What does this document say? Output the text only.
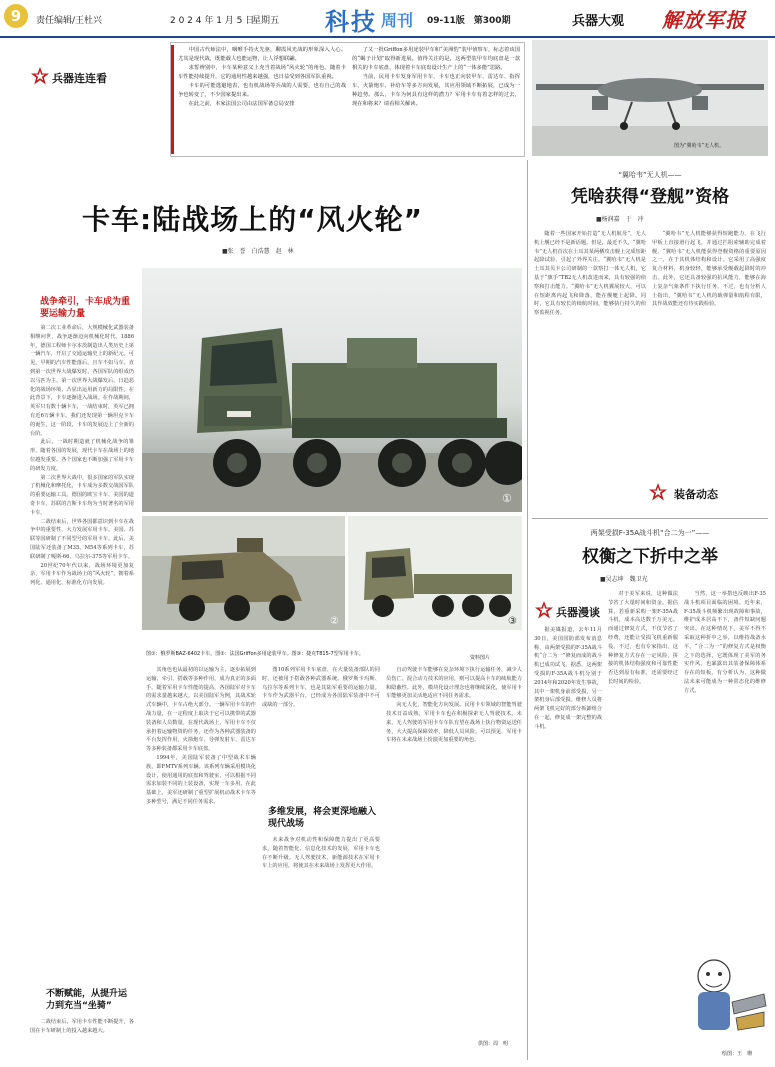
9	责任编辑/王杜兴	2 0 2 4 年 1 月 5 日
星期五 科技 周刊 09-11版　第300期	兵器大观 解放军报
兵器连连看

中国古代师法中，咽喉手持火先驱，聊霞风光战的形象深入人心。尤其是现代战，既能载人也能运物，让人浮想联翩。

求誓辨别中，卡车某种意义上充当着战场“风火轮”的角色。随着卡车性能持续提升，它的通用性越来越强，也日益受到各国军队重视。

卡车的可能逃避地表，也有机战场等兵战的人需要，也有自己的战争也转变了，不少国家提出来。

在此之前，本家法国公司由法国军备总局安排

了又一批Griffon多用途装甲车和“美洲豹”装甲侦察车，标志着该国的“蝎子计划”取得新进展。值得关注的是，这两型装甲车均底盘是一款相关的卡车底盘，体现着卡车底盘设计生产上的“一体多能”思路。

当前，民用卡车发身军用卡车，卡车也正向装甲车、雷达车、指挥车、火箭炮车、补给车等多方向发展，其应用领域不断拓展，已成为一种趋势。那么，卡车为何具有这样的潜力？军用卡车有着怎样的过去，现在和将来？请看相关解读。

卡车:陆战场上的“风火轮”
■张　誉　白浩慧　赵　林
战争牵引，卡车成为重要运输力量

第二次工业革命后，大规模械化武器装备相继问世，战争逐渐迈向机械化时代。1886年，德国工程师卡尔本茨制造出人类历史上第一辆汽车，开启了交通运输史上的新纪元。可见，早期的汽车性能落后，且车不如马车。直到第一次世界大战爆发时，各国军队的组成仍以马匹为主。第一次世界大战爆发后，日趋恶化的战场环境，凸显出运用新力的局限性。在此背景下，卡车逐渐进入战场。在作战期间，英军只有数十辆卡车，一战结束时，英军已拥有近6万辆卡车。我们还发现第一辆坦克卡车的诞生，这一阶段，卡车的发展迈上了全新的台阶。

此后，一战时期造就了机械化战争的雏形，随着各国的发展，现代卡车在战场上的地位越发重要。各个国家也不断加强了军用卡车的研发力度。

第二次世界大战中，很多国家的军队实现了机械化和摩托化，卡车成为多数交战国军队的重要运输工具。德国的欧宝卡车、美国的道奇卡车、苏联的吉斯卡车均为当时著名的军用卡车。

二战结束后，世界各国都意识到卡车在战争中的重要性，大力发展军用卡车。美国、苏联等国研制了不同型号的军用卡车。此后，美国陆军还装备了M35、M54等系列卡车，苏联研制了嘎斯-66、乌拉尔-375等军用卡车。

20世纪70年代以来，战场环境更加复杂，军用卡车作为战场上的“风火轮”，朝着系列化、通用化、标准化方向发展。

不断赋能，从提升运力到充当“坐骑”

二战结束后，军用卡车性能不断提升，各国在卡车研制上的投入越来越大。

①
②	③
图①：俄罗斯BAZ-6402卡车。图②：法国Griffon多用途装甲车。图③：捷克T815-7型军用卡车。
资料图片

其角色也从最初的以运输为主，逐步拓展到运输、牵引、搭载等多种作用，成为真正的多面手。随着军用卡车性能的提高，各国陆军对卡车的需求量越来越大。以美国陆军为例，其战术轮式车辆中，卡车占绝大部分。一辆军用卡车的作战力量，在一定程度上取决于它可以携带的武器装备和人员数量。在现代战场上，军用卡车不仅承担着运输物资的任务，还作为各种武器装备的平台发挥作用，火箭炮车、导弹发射车、雷达车等多种装备都采用卡车底盘。

1994年，美国陆军装备了中型战术车辆族，即FMTV系列车辆。该系列车辆采用模块化设计，使用通用的底盘和驾驶室，可以根据不同需求加装不同的上装设备，实现一车多用。在此基础上，美军还研制了重型扩展机动战术卡车等多种型号，满足不同任务需求。

图10系列军用卡车底盘，在大量装备部队的同时，还被用于搭载各种武器系统。俄罗斯卡玛斯、乌拉尔等系列卡车，也是其陆军重要的运输力量。卡车作为武器平台，已经成为各国陆军装备中不可或缺的一部分。

多维发展，将会更深地融入现代战场

未来战争对机动性和保障能力提出了更高要求。随着智能化、信息化技术的发展，军用卡车也在不断升级。无人驾驶技术、新能源技术在军用卡车上的应用，将使其在未来战场上发挥更大作用。

自动驾驶卡车能够在复杂环境下执行运输任务，减少人员伤亡。混合动力技术的应用，则可以提高卡车的续航能力和隐蔽性。此外，模块化设计理念也将继续深化，使军用卡车能够更加灵活地适应不同任务需求。

向无人化，智能化方向发展。民用卡车领域的智能驾驶技术日益成熟，军用卡车也在积极探索无人驾驶技术。未来，无人驾驶的军用卡车车队有望在战场上执行物资运送任务，大大提高保障效率，降低人员风险。可以预见，军用卡车将在未来战场上扮演更加重要的角色。

供图：周　明
图为“翼哈韦”无人机。
“翼哈韦”无人机——
凭啥获得“登舰”资格
■杨润嘉　于　冲

随着一些国家开始打造“无人机航母”，无人机上舰已经不是新话题。但是，最近不久，“翼哈韦”无人机首次在土耳其某两栖攻击舰上完成短距起降试验，引起了外界关注。“翼哈韦”无人机是土耳其贝卡公司研制的一款察打一体无人机，它基于“旗手”TB2无人机改进而来，具有较强的侦察和打击能力。“翼哈韦”无人机翼展较大，可以在短距离内起飞和降落，能在舰艇上起降。同时，它具有较长的续航时间，能够执行持久的侦察监视任务。

“翼哈韦”无人机能够获得短跑能力。在飞行甲板上直接滑行起飞，并通过拦阻索辅助完成着舰。“翼哈韦”无人机能获得登舰资格的重要原因之一，在于其机体结构和设计。它采用了高强度复合材料，机身较轻，能够承受舰载起降时的冲击。此外，它还具备较强的抗风能力，能够在海上复杂气象条件下执行任务。不过，也有分析人士指出，“翼哈韦”无人机的载弹量和航程有限，其作战效能还有待实践检验。

装备动态
两架受损F-35A战斗机“合二为一”——
权衡之下折中之举
■吴志坤　魏卫光
兵器漫谈

据美媒报道，去年11月30日，美国国防部发布消息称，由两架受损的F-35A战斗机“合二为一”修复而成的战斗机已成功试飞。据悉，这两架受损的F-35A战斗机分别于2014年和2020年发生事故，其中一架机身前部受损，另一架机身后部受损。维修人员将两架飞机完好的部分拆卸组合在一起，修复成一架完整的战斗机。

对于美军来说，这种做法节省了大量时间和资金。据估算，若重新采购一架F-35A战斗机，成本高达数千万美元。而通过修复方式，不仅节省了经费，还能让受损飞机重新服役。不过，也有专家指出，这种修复方式存在一定风险，拼接的机体结构强度和可靠性能否达到原有标准，还需要经过长时间的检验。

当然，这一举措也反映出F-35战斗机项目面临的困境。近年来，F-35战斗机频繁出现故障和事故，维护成本居高不下，备件短缺问题突出。在这种情况下，美军不得不采取这种折中之举，以维持战备水平。“合二为一”的修复方式是权衡之下的选择，它既体现了美军的务实作风，也暴露出其装备保障体系存在的短板。有分析认为，这种做法未来可能成为一种常态化的维修方式。

绘图：王　珊
